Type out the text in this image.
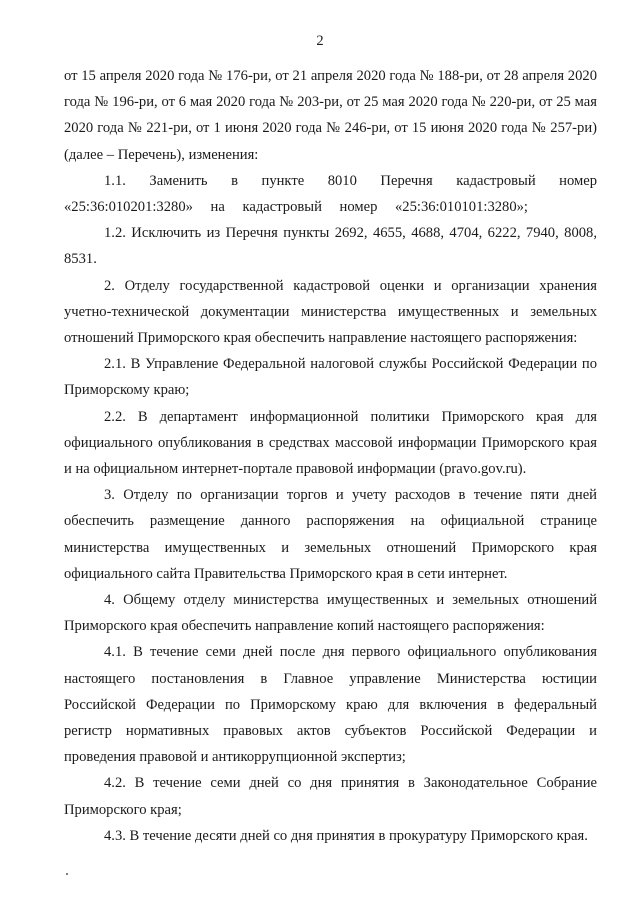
2

от 15 апреля 2020 года № 176-ри, от 21 апреля 2020 года № 188-ри, от 28 апреля 2020 года № 196-ри, от 6 мая 2020 года № 203-ри, от 25 мая 2020 года № 220-ри, от 25 мая 2020 года № 221-ри, от 1 июня 2020 года № 246-ри, от 15 июня 2020 года № 257-ри) (далее – Перечень), изменения:

1.1. Заменить в пункте 8010 Перечня кадастровый номер «25:36:010201:3280» на кадастровый номер «25:36:010101:3280»;

1.2. Исключить из Перечня пункты 2692, 4655, 4688, 4704, 6222, 7940, 8008, 8531.

2. Отделу государственной кадастровой оценки и организации хранения учетно-технической документации министерства имущественных и земельных отношений Приморского края обеспечить направление настоящего распоряжения:

2.1. В Управление Федеральной налоговой службы Российской Федерации по Приморскому краю;

2.2. В департамент информационной политики Приморского края для официального опубликования в средствах массовой информации Приморского края и на официальном интернет-портале правовой информации (pravo.gov.ru).

3. Отделу по организации торгов и учету расходов в течение пяти дней обеспечить размещение данного распоряжения на официальной странице министерства имущественных и земельных отношений Приморского края официального сайта Правительства Приморского края в сети интернет.

4. Общему отделу министерства имущественных и земельных отношений Приморского края обеспечить направление копий настоящего распоряжения:

4.1. В течение семи дней после дня первого официального опубликования настоящего постановления в Главное управление Министерства юстиции Российской Федерации по Приморскому краю для включения в федеральный регистр нормативных правовых актов субъектов Российской Федерации и проведения правовой и антикоррупционной экспертиз;

4.2. В течение семи дней со дня принятия в Законодательное Собрание Приморского края;

4.3. В течение десяти дней со дня принятия в прокуратуру Приморского края.
